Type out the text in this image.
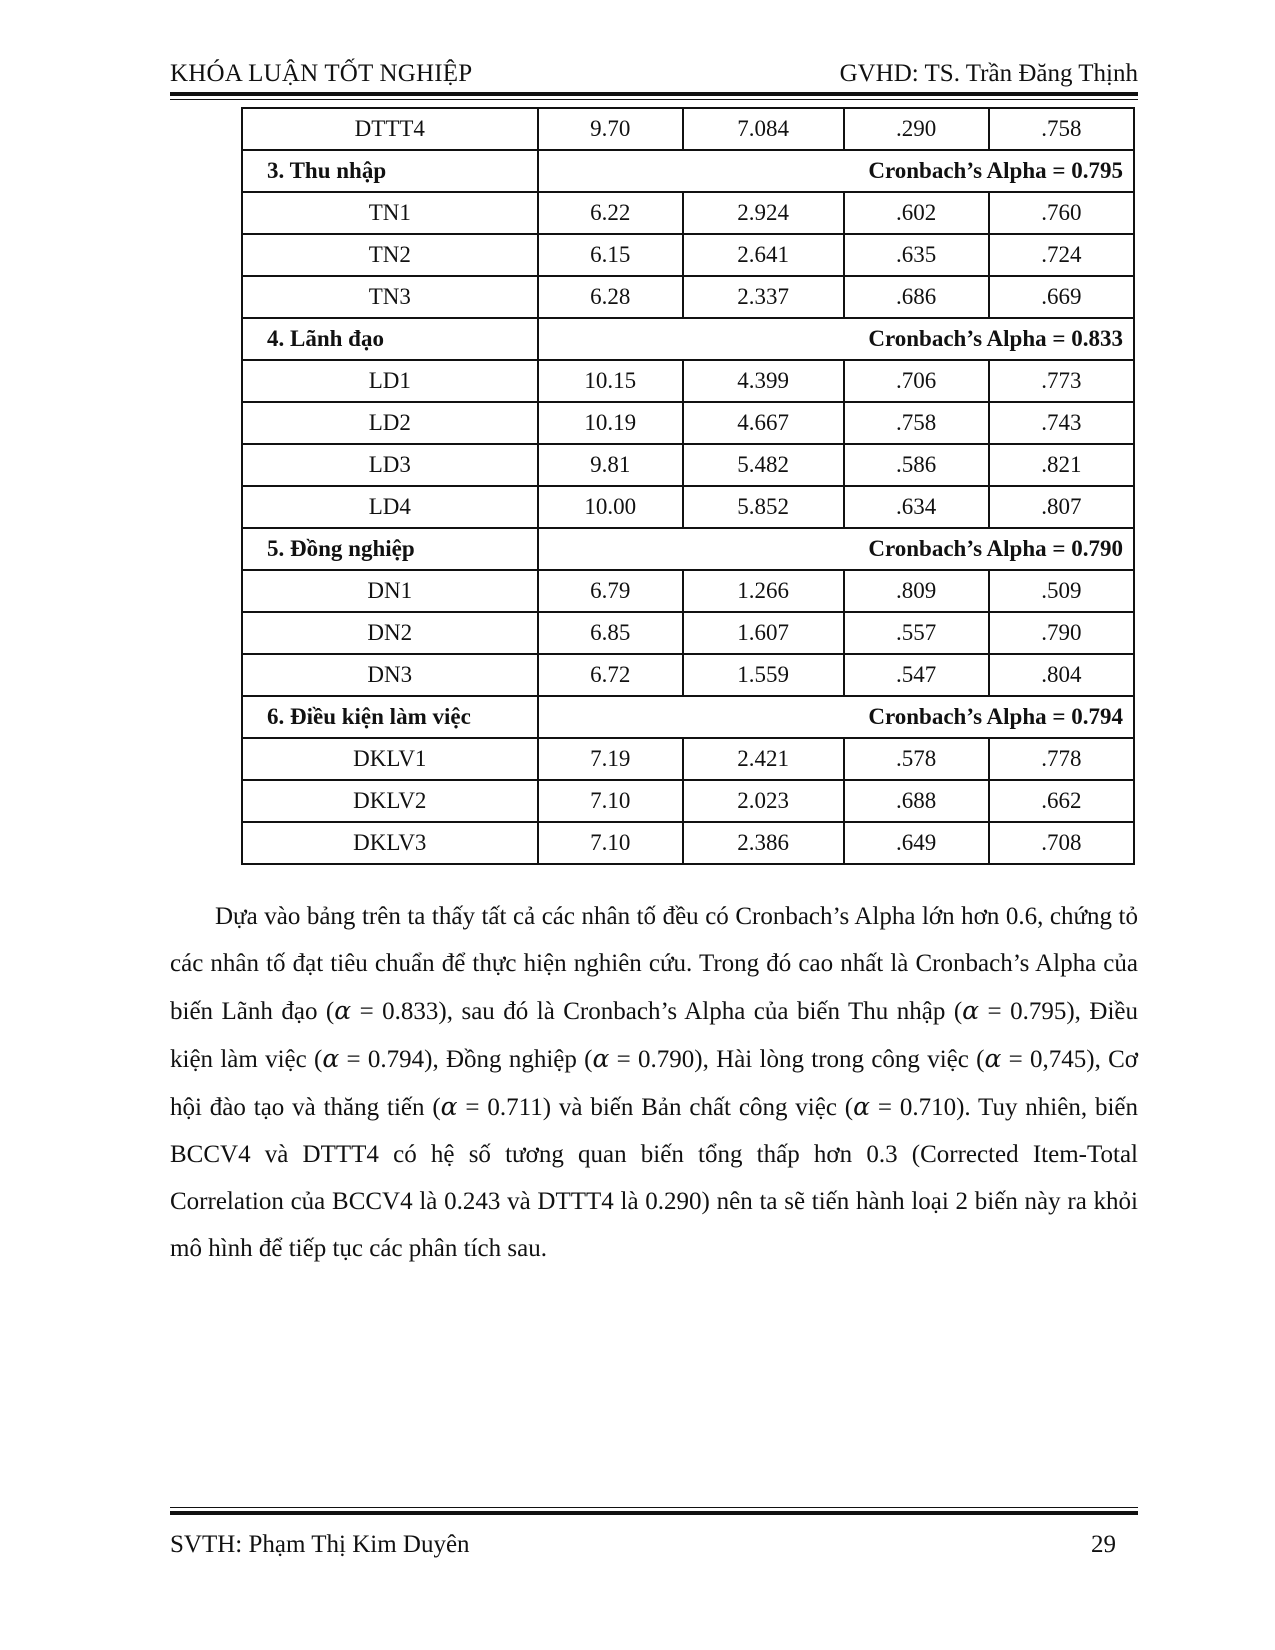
KHÓA LUẬN TỐT NGHIỆP	GVHD: TS. Trần Đăng Thịnh
DTTT4	9.70	7.084	.290	.758
3. Thu nhập	Cronbach’s Alpha = 0.795			
TN1	6.22	2.924	.602	.760
TN2	6.15	2.641	.635	.724
TN3	6.28	2.337	.686	.669
4. Lãnh đạo	Cronbach’s Alpha = 0.833			
LD1	10.15	4.399	.706	.773
LD2	10.19	4.667	.758	.743
LD3	9.81	5.482	.586	.821
LD4	10.00	5.852	.634	.807
5. Đồng nghiệp	Cronbach’s Alpha = 0.790			
DN1	6.79	1.266	.809	.509
DN2	6.85	1.607	.557	.790
DN3	6.72	1.559	.547	.804
6. Điều kiện làm việc	Cronbach’s Alpha = 0.794			
DKLV1	7.19	2.421	.578	.778
DKLV2	7.10	2.023	.688	.662
DKLV3	7.10	2.386	.649	.708

Dựa vào bảng trên ta thấy tất cả các nhân tố đều có Cronbach’s Alpha lớn hơn 0.6, chứng tỏ các nhân tố đạt tiêu chuẩn để thực hiện nghiên cứu. Trong đó cao nhất là Cronbach’s Alpha của biến Lãnh đạo (α = 0.833), sau đó là Cronbach’s Alpha của biến Thu nhập (α = 0.795), Điều kiện làm việc (α = 0.794), Đồng nghiệp (α = 0.790), Hài lòng trong công việc (α = 0,745), Cơ hội đào tạo và thăng tiến (α = 0.711) và biến Bản chất công việc (α = 0.710). Tuy nhiên, biến BCCV4 và DTTT4 có hệ số tương quan biến tổng thấp hơn 0.3 (Corrected Item-Total Correlation của BCCV4 là 0.243 và DTTT4 là 0.290) nên ta sẽ tiến hành loại 2 biến này ra khỏi mô hình để tiếp tục các phân tích sau.

SVTH: Phạm Thị Kim Duyên	29
